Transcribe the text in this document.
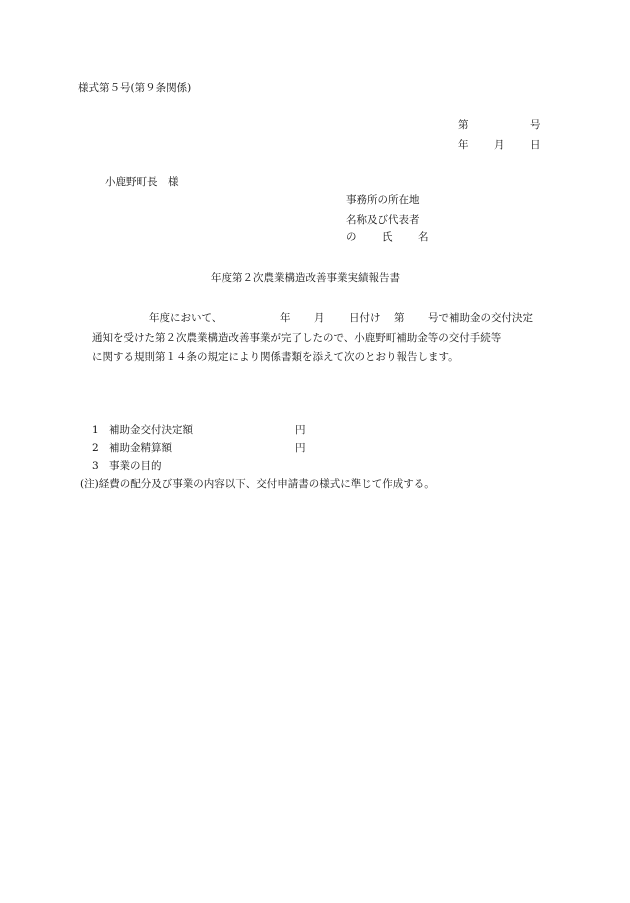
様式第５号(第９条関係)
第	号
年 月 日
小鹿野町長　様
事務所の所在地
名称及び代表者
の 氏 名
年度第２次農業構造改善事業実績報告書
年度において、	年 月 日付け 第 号で補助金の交付決定
通知を受けた第２次農業構造改善事業が完了したので、小鹿野町補助金等の交付手続等
に関する規則第１４条の規定により関係書類を添えて次のとおり報告します。
1 補助金交付決定額	円
2 補助金精算額	円
3 事業の目的
(注)経費の配分及び事業の内容以下、交付申請書の様式に準じて作成する。
